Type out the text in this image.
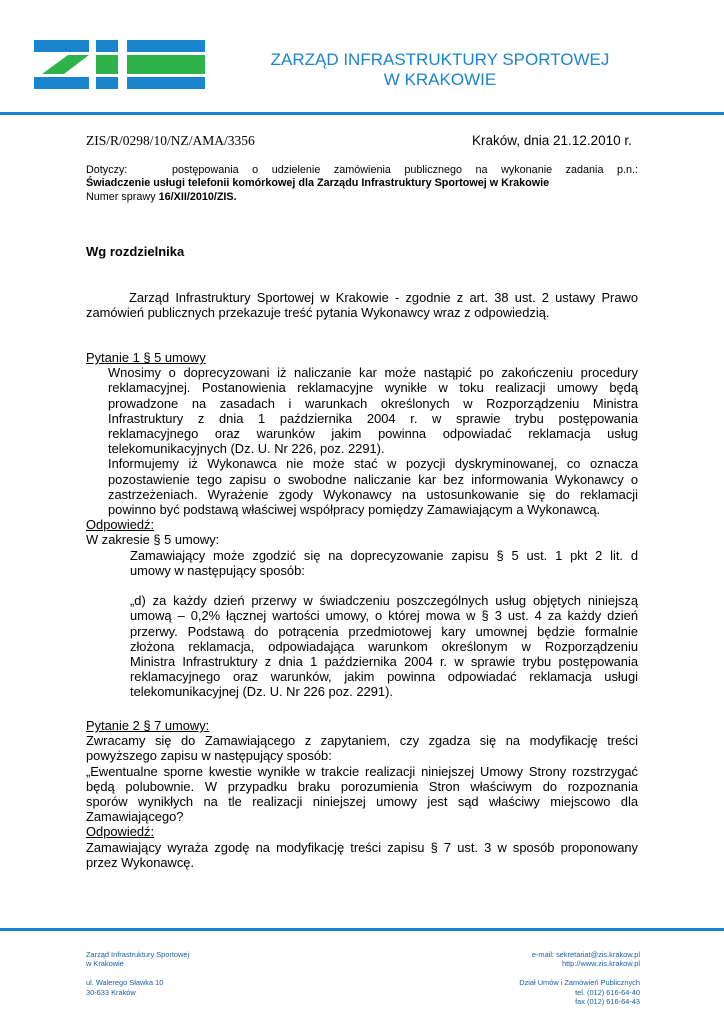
ZARZĄD INFRASTRUKTURY SPORTOWEJ
W KRAKOWIE
ZIS/R/0298/10/NZ/AMA/3356	Kraków, dnia 21.12.2010 r.
Dotyczy:	postępowania o udzielenie zamówienia publicznego na wykonanie zadania p.n.:
Świadczenie usługi telefonii komórkowej dla Zarządu Infrastruktury Sportowej w Krakowie
Numer sprawy 16/XII/2010/ZIS.
Wg rozdzielnika
Zarząd Infrastruktury Sportowej w Krakowie - zgodnie z art. 38 ust. 2 ustawy Prawo
zamówień publicznych przekazuje treść pytania Wykonawcy wraz z odpowiedzią.
Pytanie 1 § 5 umowy
Wnosimy o doprecyzowani iż naliczanie kar może nastąpić po zakończeniu procedury
reklamacyjnej. Postanowienia reklamacyjne wynikłe w toku realizacji umowy będą
prowadzone na zasadach i warunkach określonych w Rozporządzeniu Ministra
Infrastruktury z dnia 1 października 2004 r. w sprawie trybu postępowania
reklamacyjnego oraz warunków jakim powinna odpowiadać reklamacja usług
telekomunikacyjnych (Dz. U. Nr 226, poz. 2291).
Informujemy iż Wykonawca nie może stać w pozycji dyskryminowanej, co oznacza
pozostawienie tego zapisu o swobodne naliczanie kar bez informowania Wykonawcy o
zastrzeżeniach. Wyrażenie zgody Wykonawcy na ustosunkowanie się do reklamacji
powinno być podstawą właściwej współpracy pomiędzy Zamawiającym a Wykonawcą.
Odpowiedź:
W zakresie § 5 umowy:
Zamawiający może zgodzić się na doprecyzowanie zapisu § 5 ust. 1 pkt 2 lit. d
umowy w następujący sposób:
„d) za każdy dzień przerwy w świadczeniu poszczególnych usług objętych niniejszą
umową – 0,2% łącznej wartości umowy, o której mowa w § 3 ust. 4 za każdy dzień
przerwy. Podstawą do potrącenia przedmiotowej kary umownej będzie formalnie
złożona reklamacja, odpowiadająca warunkom określonym w Rozporządzeniu
Ministra Infrastruktury z dnia 1 października 2004 r. w sprawie trybu postępowania
reklamacyjnego oraz warunków, jakim powinna odpowiadać reklamacja usługi
telekomunikacyjnej (Dz. U. Nr 226 poz. 2291).
Pytanie 2 § 7 umowy:
Zwracamy się do Zamawiającego z zapytaniem, czy zgadza się na modyfikację treści
powyższego zapisu w następujący sposób:
„Ewentualne sporne kwestie wynikłe w trakcie realizacji niniejszej Umowy Strony rozstrzygać
będą polubownie. W przypadku braku porozumienia Stron właściwym do rozpoznania
sporów wynikłych na tle realizacji niniejszej umowy jest sąd właściwy miejscowo dla
Zamawiającego?
Odpowiedź:
Zamawiający wyraża zgodę na modyfikację treści zapisu § 7 ust. 3 w sposób proponowany
przez Wykonawcę.
Zarząd Infrastruktury Sportowej
w Krakowie
ul. Walerego Sławka 10
30-633 Kraków
e-mail: sekretariat@zis.krakow.pl
http://www.zis.krakow.pl
Dział Umów i Zamówień Publicznych
tel. (012) 616-64-40
fax (012) 616-64-43
